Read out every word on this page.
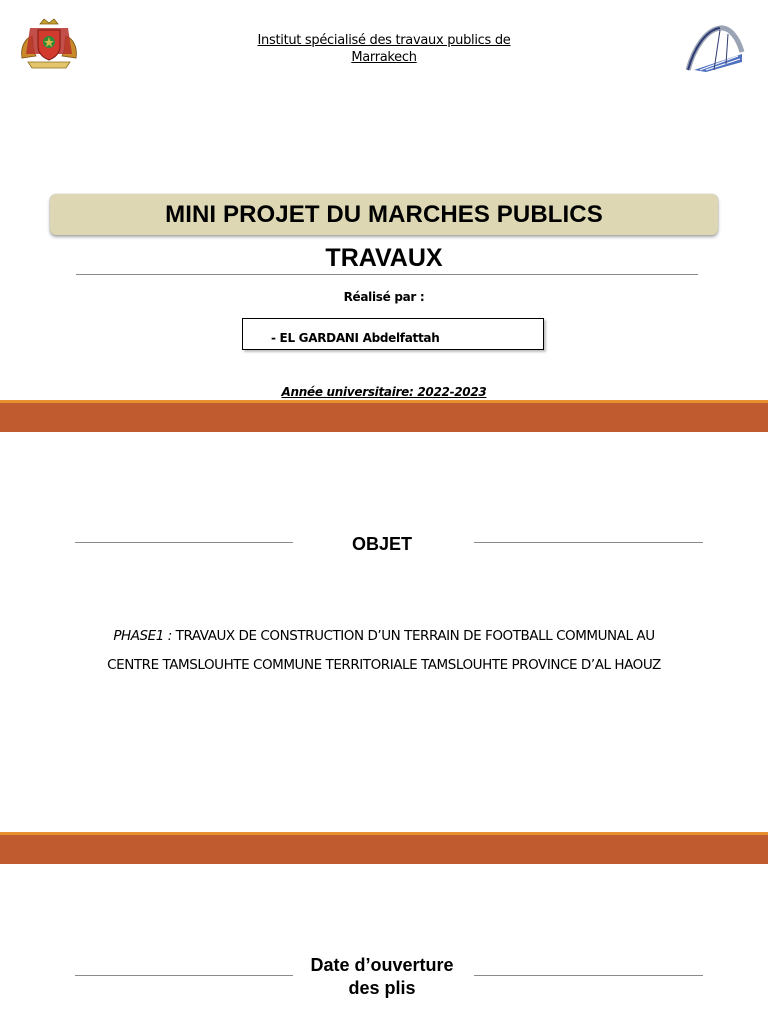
Institut spécialisé des travaux publics de
Marrakech
MINI PROJET DU MARCHES PUBLICS
TRAVAUX
Réalisé par :
- EL GARDANI Abdelfattah
Année universitaire: 2022-2023
OBJET
PHASE1 : TRAVAUX DE CONSTRUCTION D’UN TERRAIN DE FOOTBALL COMMUNAL AU
CENTRE TAMSLOUHTE COMMUNE TERRITORIALE TAMSLOUHTE PROVINCE D’AL HAOUZ
Date d’ouverture
des plis
